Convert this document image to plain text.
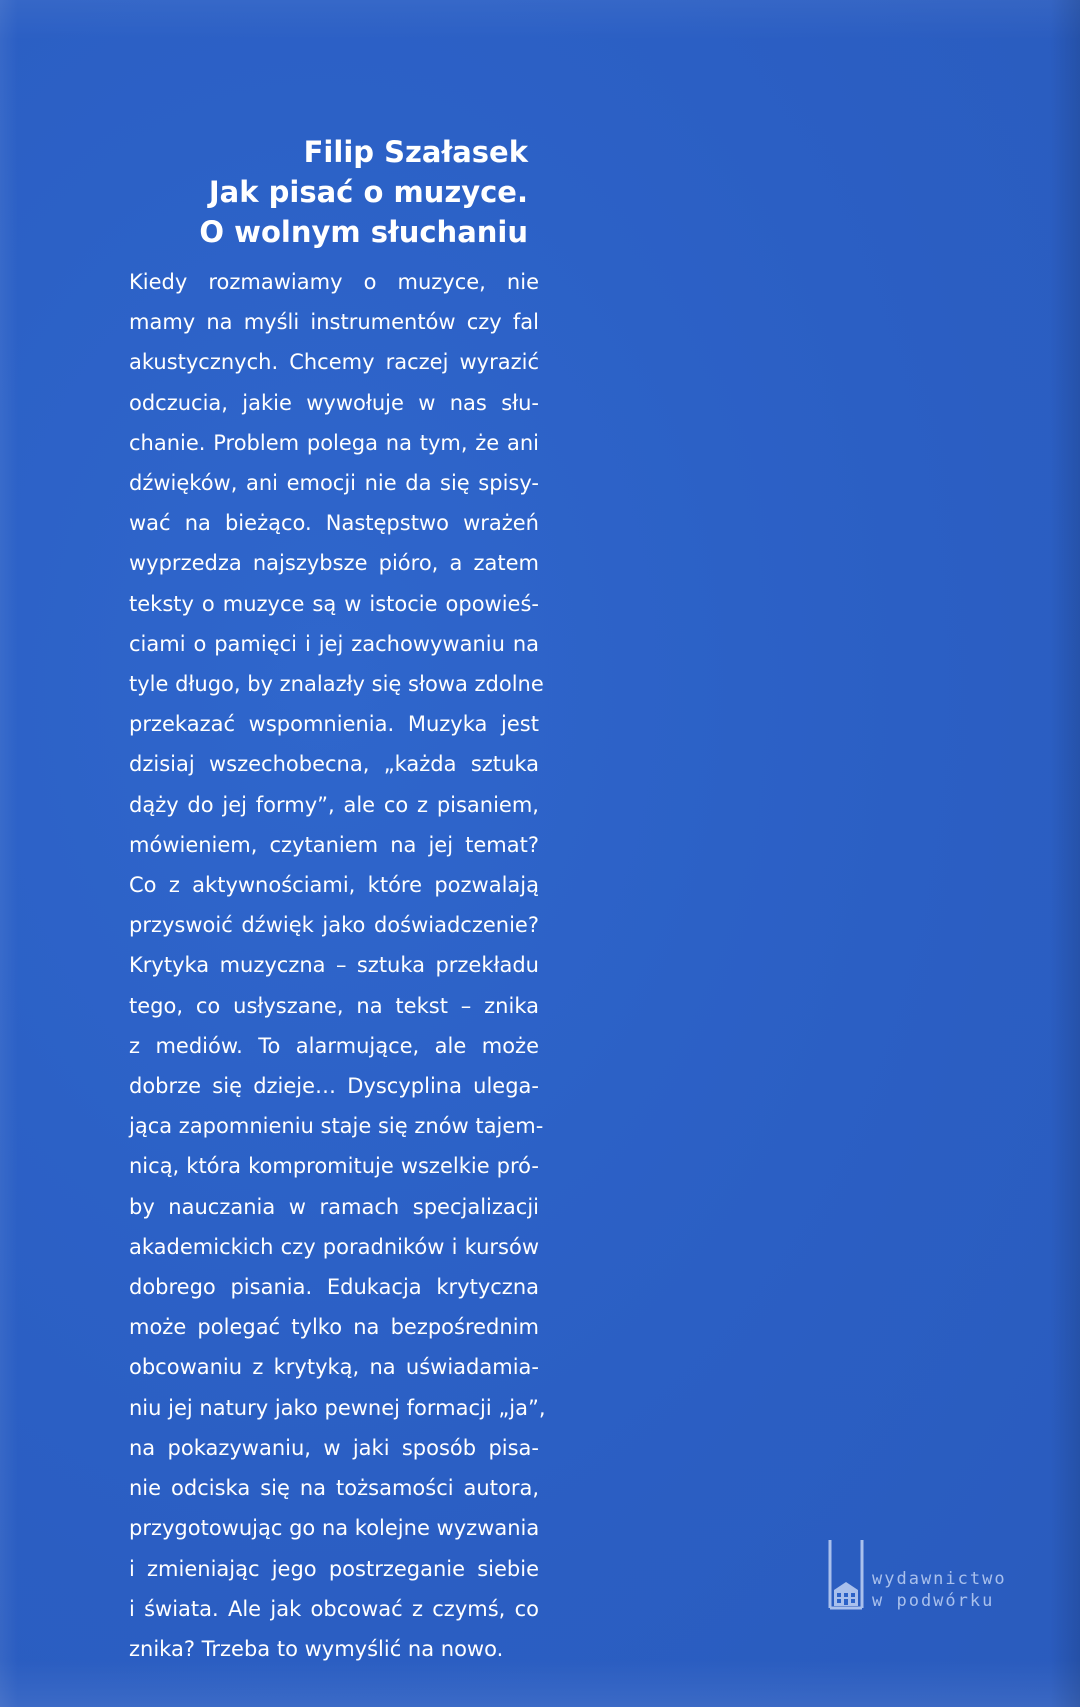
Filip Szałasek
Jak pisać o muzyce.
O wolnym słuchaniu
Kiedy rozmawiamy o muzyce, nie
mamy na myśli instrumentów czy fal
akustycznych. Chcemy raczej wyrazić
odczucia, jakie wywołuje w nas słu-
chanie. Problem polega na tym, że ani
dźwięków, ani emocji nie da się spisy-
wać na bieżąco. Następstwo wrażeń
wyprzedza najszybsze pióro, a zatem
teksty o muzyce są w istocie opowieś-
ciami o pamięci i jej zachowywaniu na
tyle długo, by znalazły się słowa zdolne
przekazać wspomnienia. Muzyka jest
dzisiaj wszechobecna, „każda sztuka
dąży do jej formy”, ale co z pisaniem,
mówieniem, czytaniem na jej temat?
Co z aktywnościami, które pozwalają
przyswoić dźwięk jako doświadczenie?
Krytyka muzyczna – sztuka przekładu
tego, co usłyszane, na tekst – znika
z mediów. To alarmujące, ale może
dobrze się dzieje… Dyscyplina ulega-
jąca zapomnieniu staje się znów tajem-
nicą, która kompromituje wszelkie pró-
by nauczania w ramach specjalizacji
akademickich czy poradników i kursów
dobrego pisania. Edukacja krytyczna
może polegać tylko na bezpośrednim
obcowaniu z krytyką, na uświadamia-
niu jej natury jako pewnej formacji „ja”,
na pokazywaniu, w jaki sposób pisa-
nie odciska się na tożsamości autora,
przygotowując go na kolejne wyzwania
i zmieniając jego postrzeganie siebie
i świata. Ale jak obcować z czymś, co
znika? Trzeba to wymyślić na nowo.
wydawnictwo
w podwórku
